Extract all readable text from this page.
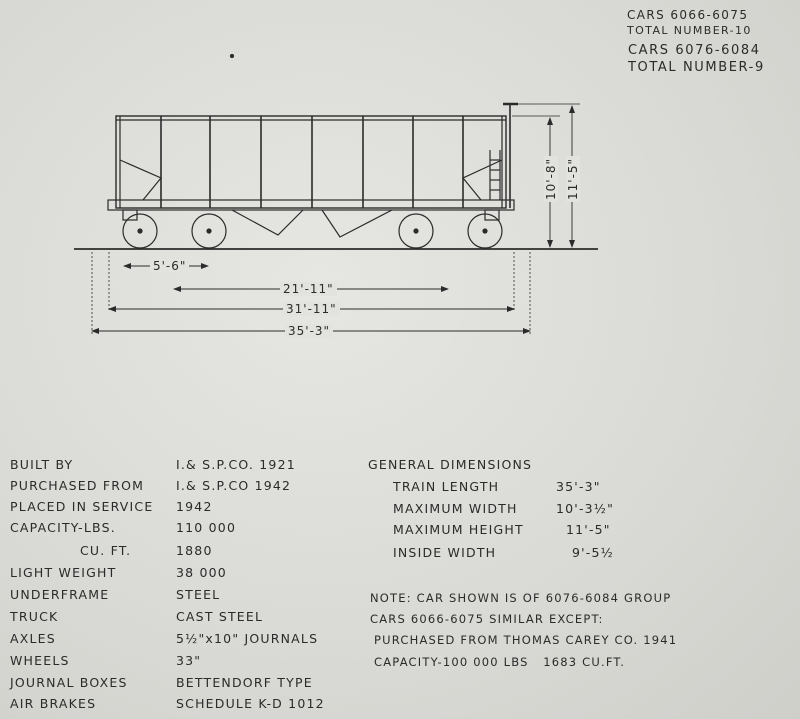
CARS 6066-6075
TOTAL NUMBER-10
CARS 6076-6084
TOTAL NUMBER-9
5'-6"
21'-11"
31'-11"
35'-3"
10'-8" 11'-5"
BUILT BY	I.& S.P.CO. 1921
PURCHASED FROM	I.& S.P.CO 1942
PLACED IN SERVICE 1942
CAPACITY-LBS.	110 000
CU. FT.	1880
LIGHT WEIGHT	38 000
UNDERFRAME	STEEL
TRUCK	CAST STEEL
AXLES	5½"x10" JOURNALS
WHEELS	33"
JOURNAL BOXES	BETTENDORF TYPE
AIR BRAKES	SCHEDULE K-D 1012
GENERAL DIMENSIONS
TRAIN LENGTH	35'-3"
MAXIMUM WIDTH	10'-3½"
MAXIMUM HEIGHT	11'-5"
INSIDE WIDTH	9'-5½
NOTE: CAR SHOWN IS OF 6076-6084 GROUP
CARS 6066-6075 SIMILAR EXCEPT:
PURCHASED FROM THOMAS CAREY CO. 1941
CAPACITY-100 000 LBS   1683 CU.FT.
